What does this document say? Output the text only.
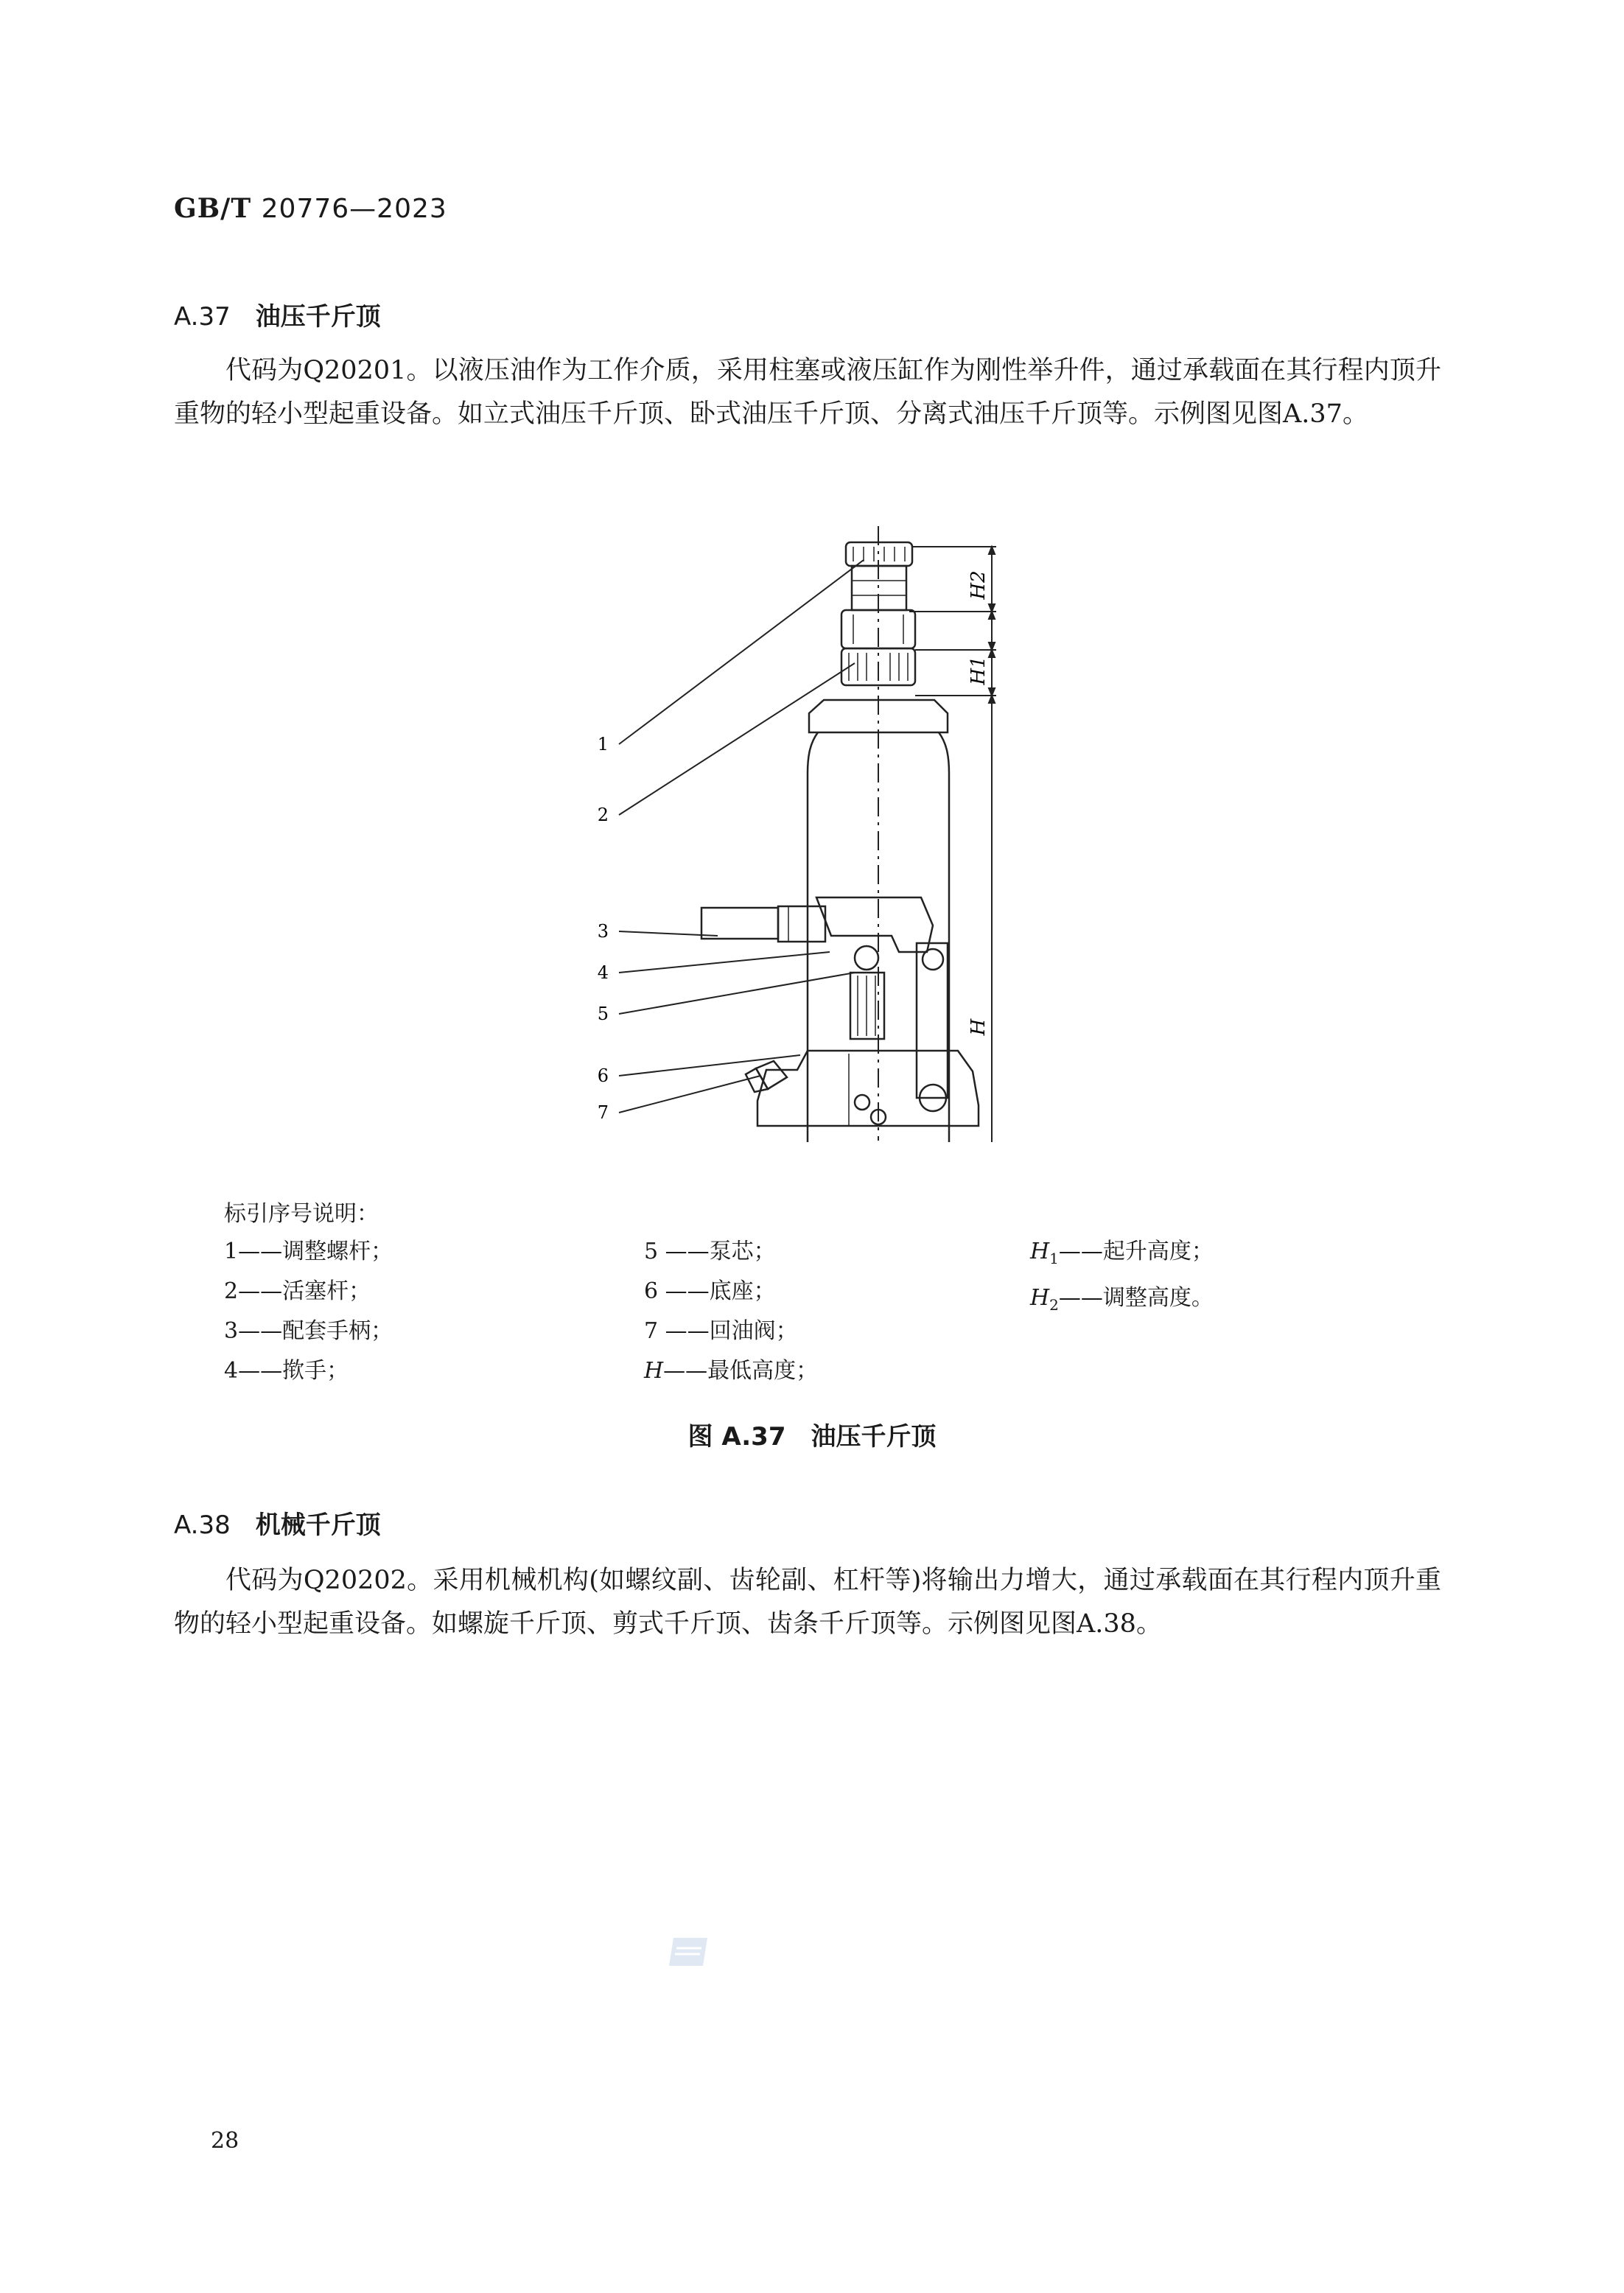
GB/T 20776—2023
A.37 油压千斤顶

代码为Q20201。以液压油作为工作介质，采用柱塞或液压缸作为刚性举升件，通过承载面在其行程内顶升重物的轻小型起重设备。如立式油压千斤顶、卧式油压千斤顶、分离式油压千斤顶等。示例图见图A.37。

H2
H1
H
1
2
3
4
5
6
7
标引序号说明：
1——调整螺杆；
2——活塞杆；
3——配套手柄；
4——揿手；
5 ——泵芯；
6 ——底座；
7 ——回油阀；
H——最低高度；
$H_1——$起升高度；
$H_2——$调整高度。
图 A.37　油压千斤顶
A.38 机械千斤顶

代码为Q20202。采用机械机构(如螺纹副、齿轮副、杠杆等)将输出力增大，通过承载面在其行程内顶升重物的轻小型起重设备。如螺旋千斤顶、剪式千斤顶、齿条千斤顶等。示例图见图A.38。

28
